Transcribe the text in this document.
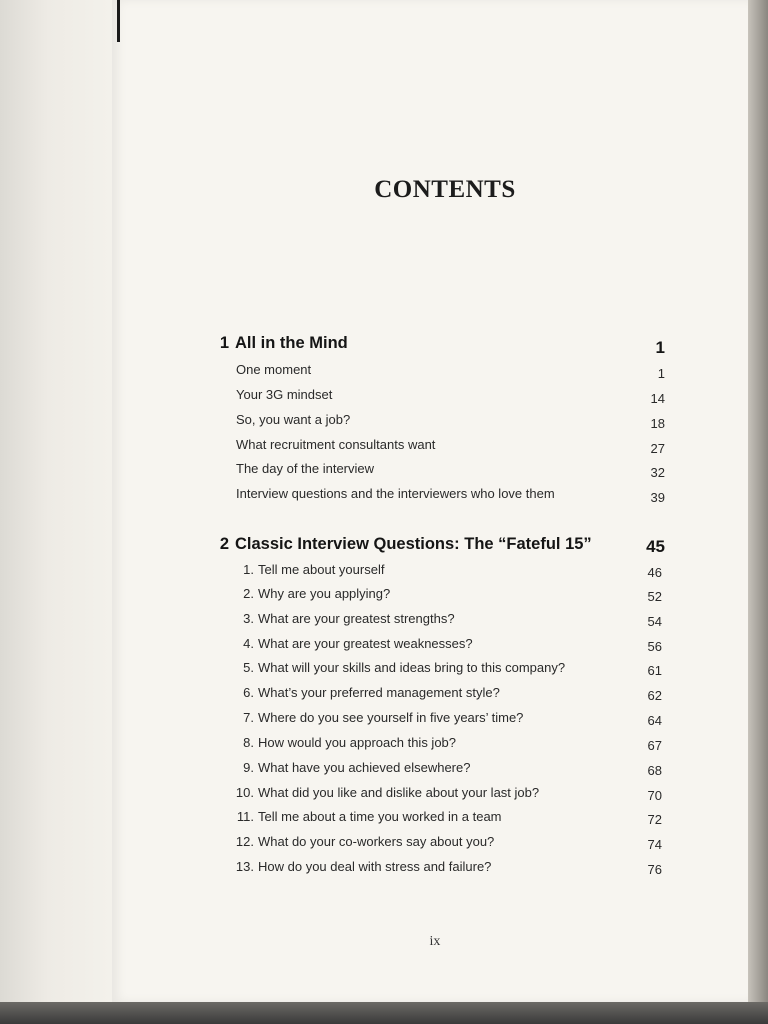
CONTENTS
1 All in the Mind	1
One moment	1
Your 3G mindset	14
So, you want a job?	18
What recruitment consultants want	27
The day of the interview	32
Interview questions and the interviewers who love them	39
2 Classic Interview Questions: The “Fateful 15”	45
1. Tell me about yourself	46
2. Why are you applying?	52
3. What are your greatest strengths?	54
4. What are your greatest weaknesses?	56
5. What will your skills and ideas bring to this company?	61
6. What’s your preferred management style?	62
7. Where do you see yourself in five years’ time?	64
8. How would you approach this job?	67
9. What have you achieved elsewhere?	68
10. What did you like and dislike about your last job?	70
11. Tell me about a time you worked in a team	72
12. What do your co-workers say about you?	74
13. How do you deal with stress and failure?	76
ix
